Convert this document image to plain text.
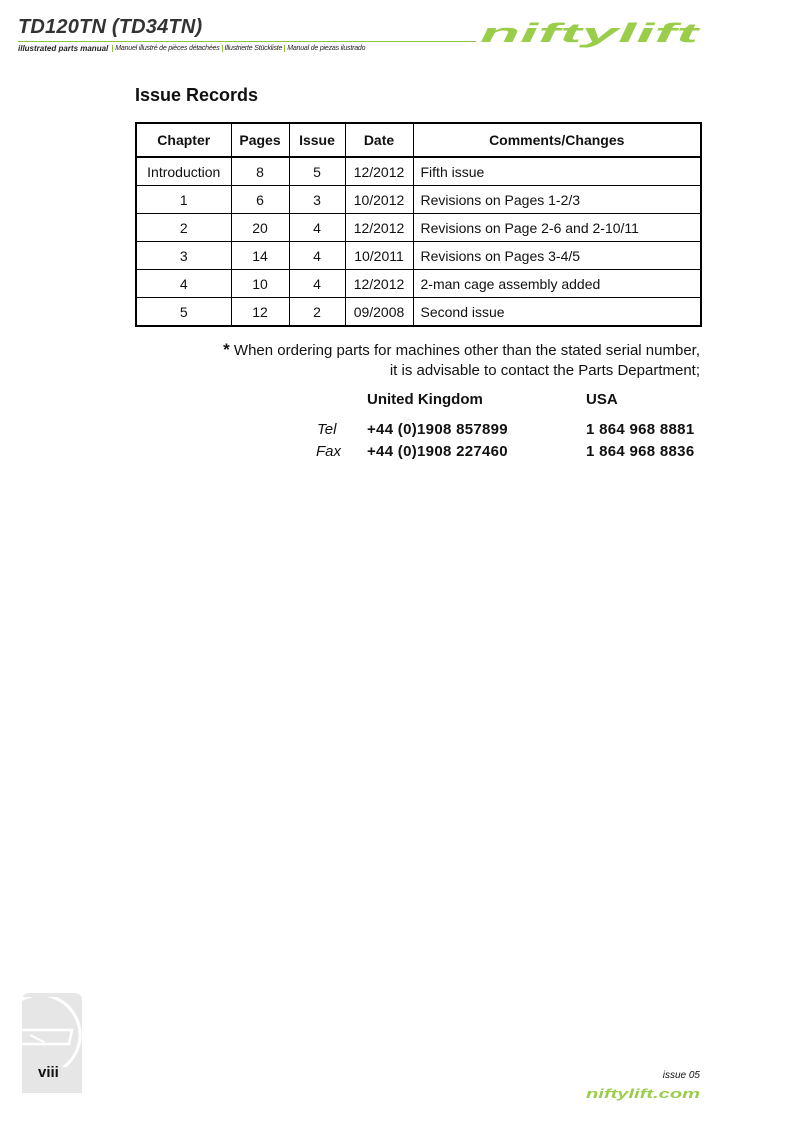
TD120TN (TD34TN)
illustrated parts manual	Manuel illustré de pièces détachées Illustrierte Stückliste Manual de piezas ilustrado
niftylift
Issue Records
Chapter	Pages	Issue	Date	Comments/Changes
Introduction	8	5	12/2012	Fifth issue
1	6	3	10/2012	Revisions on Pages 1-2/3
2	20	4	12/2012	Revisions on Page 2-6 and 2-10/11
3	14	4	10/2011	Revisions on Pages 3-4/5
4	10	4	12/2012	2-man cage assembly added
5	12	2	09/2008	Second issue
* When ordering parts for machines other than the stated serial number,
it is advisable to contact the Parts Department;
United Kingdom	USA
Tel +44 (0)1908 857899	1 864 968 8881
Fax +44 (0)1908 227460	1 864 968 8836
viii	issue 05
niftylift.com
